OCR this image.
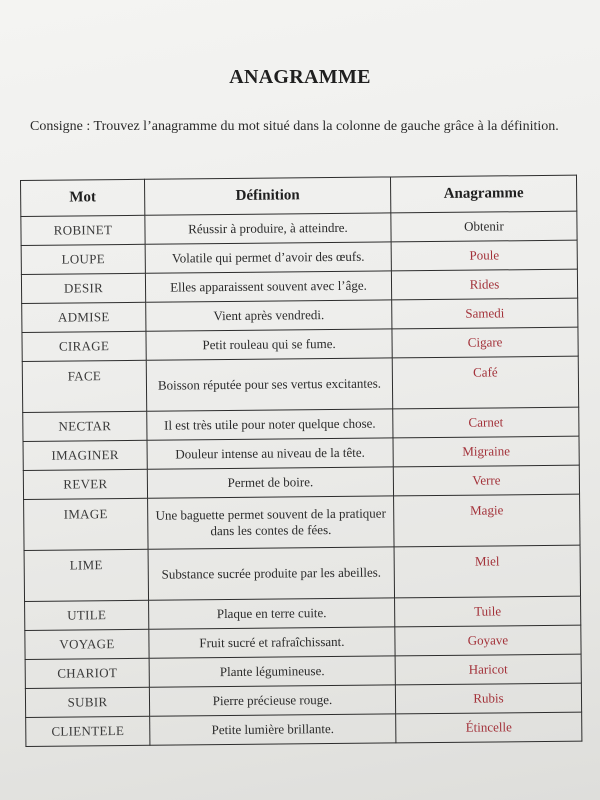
ANAGRAMME
Consigne : Trouvez l’anagramme du mot situé dans la colonne de gauche grâce à la définition.
Mot	Définition	Anagramme
ROBINET	Réussir à produire, à atteindre.	Obtenir
LOUPE	Volatile qui permet d’avoir des œufs.	Poule
DESIR	Elles apparaissent souvent avec l’âge.	Rides
ADMISE	Vient après vendredi.	Samedi
CIRAGE	Petit rouleau qui se fume.	Cigare
FACE	Boisson réputée pour ses vertus excitantes.	Café
NECTAR	Il est très utile pour noter quelque chose.	Carnet
IMAGINER	Douleur intense au niveau de la tête.	Migraine
REVER	Permet de boire.	Verre
IMAGE	Une baguette permet souvent de la pratiquer dans les contes de fées.	Magie
LIME	Substance sucrée produite par les abeilles.	Miel
UTILE	Plaque en terre cuite.	Tuile
VOYAGE	Fruit sucré et rafraîchissant.	Goyave
CHARIOT	Plante légumineuse.	Haricot
SUBIR	Pierre précieuse rouge.	Rubis
CLIENTELE	Petite lumière brillante.	Étincelle
